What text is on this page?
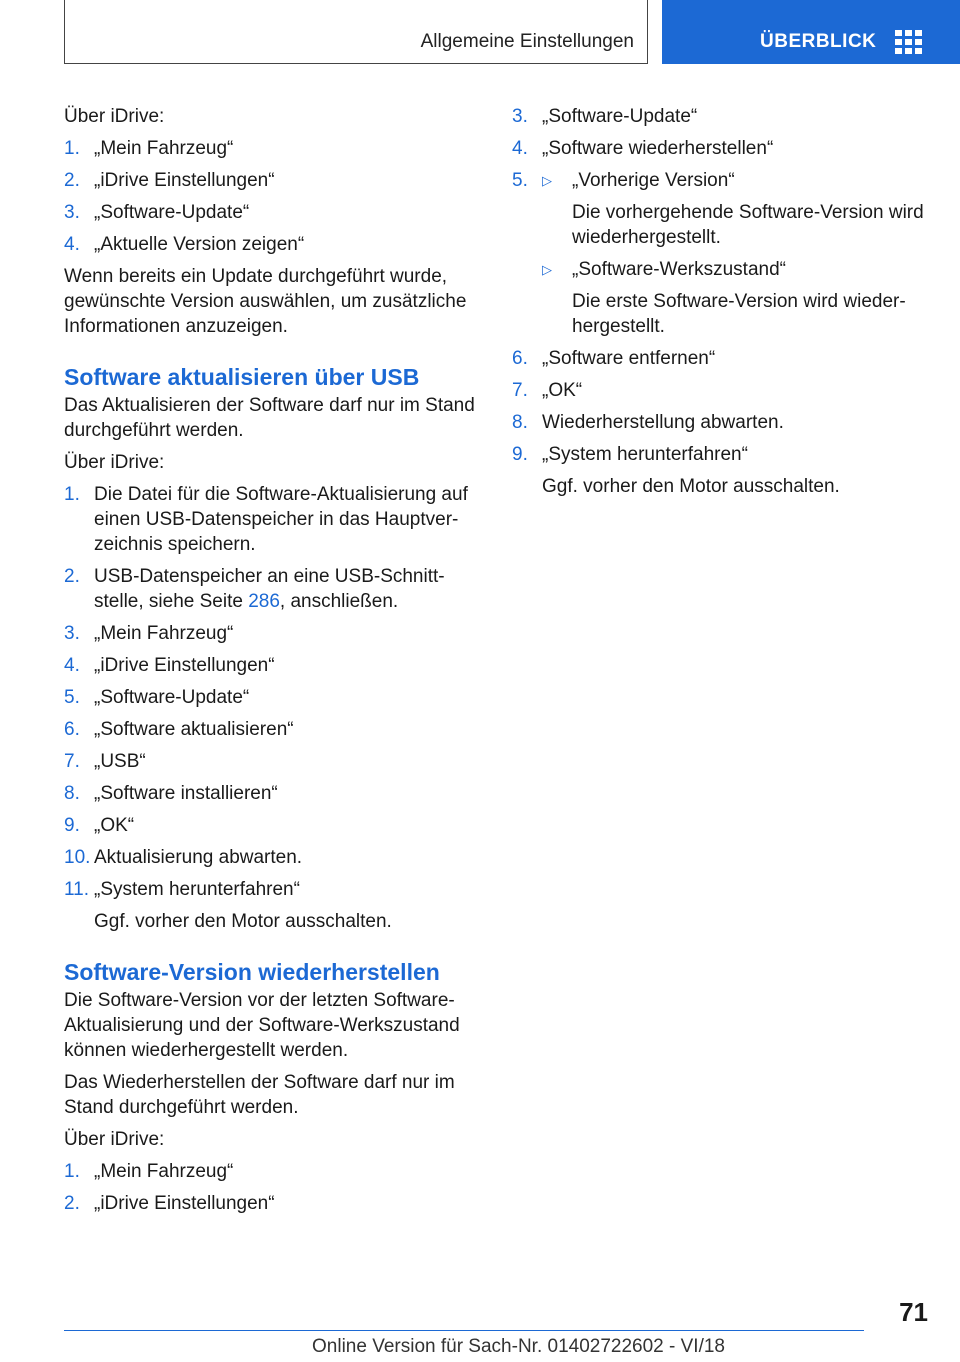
Allgemeine Einstellungen	ÜBERBLICK

Über iDrive:

1. „Mein Fahrzeug“
2. „iDrive Einstellungen“
3. „Software-Update“
4. „Aktuelle Version zeigen“

Wenn bereits ein Update durchgeführt wurde, gewünschte Version auswählen, um zusätzliche Informationen anzuzeigen.

Software aktualisieren über USB

Das Aktualisieren der Software darf nur im Stand durchgeführt werden.

Über iDrive:

1. Die Datei für die Software-Aktualisierung auf einen USB-Datenspeicher in das Hauptverzeichnis speichern.
2. USB-Datenspeicher an eine USB-Schnittstelle, siehe Seite 286, anschließen.
3. „Mein Fahrzeug“
4. „iDrive Einstellungen“
5. „Software-Update“
6. „Software aktualisieren“
7. „USB“
8. „Software installieren“
9. „OK“
10. Aktualisierung abwarten.
11. „System herunterfahren“
Ggf. vorher den Motor ausschalten.
Software-Version wiederherstellen

Die Software-Version vor der letzten Software-Aktualisierung und der Software-Werkszustand können wiederhergestellt werden.

Das Wiederherstellen der Software darf nur im Stand durchgeführt werden.

Über iDrive:

1. „Mein Fahrzeug“
2. „iDrive Einstellungen“
3. „Software-Update“
4. „Software wiederherstellen“
5. ▷ „Vorherige Version“
Die vorhergehende Software-Version wird wiederhergestellt.
▷ „Software-Werkszustand“
Die erste Software-Version wird wiederhergestellt.
6. „Software entfernen“
7. „OK“
8. Wiederherstellung abwarten.
9. „System herunterfahren“
Ggf. vorher den Motor ausschalten.
71
Online Version für Sach-Nr. 01402722602 - VI/18
